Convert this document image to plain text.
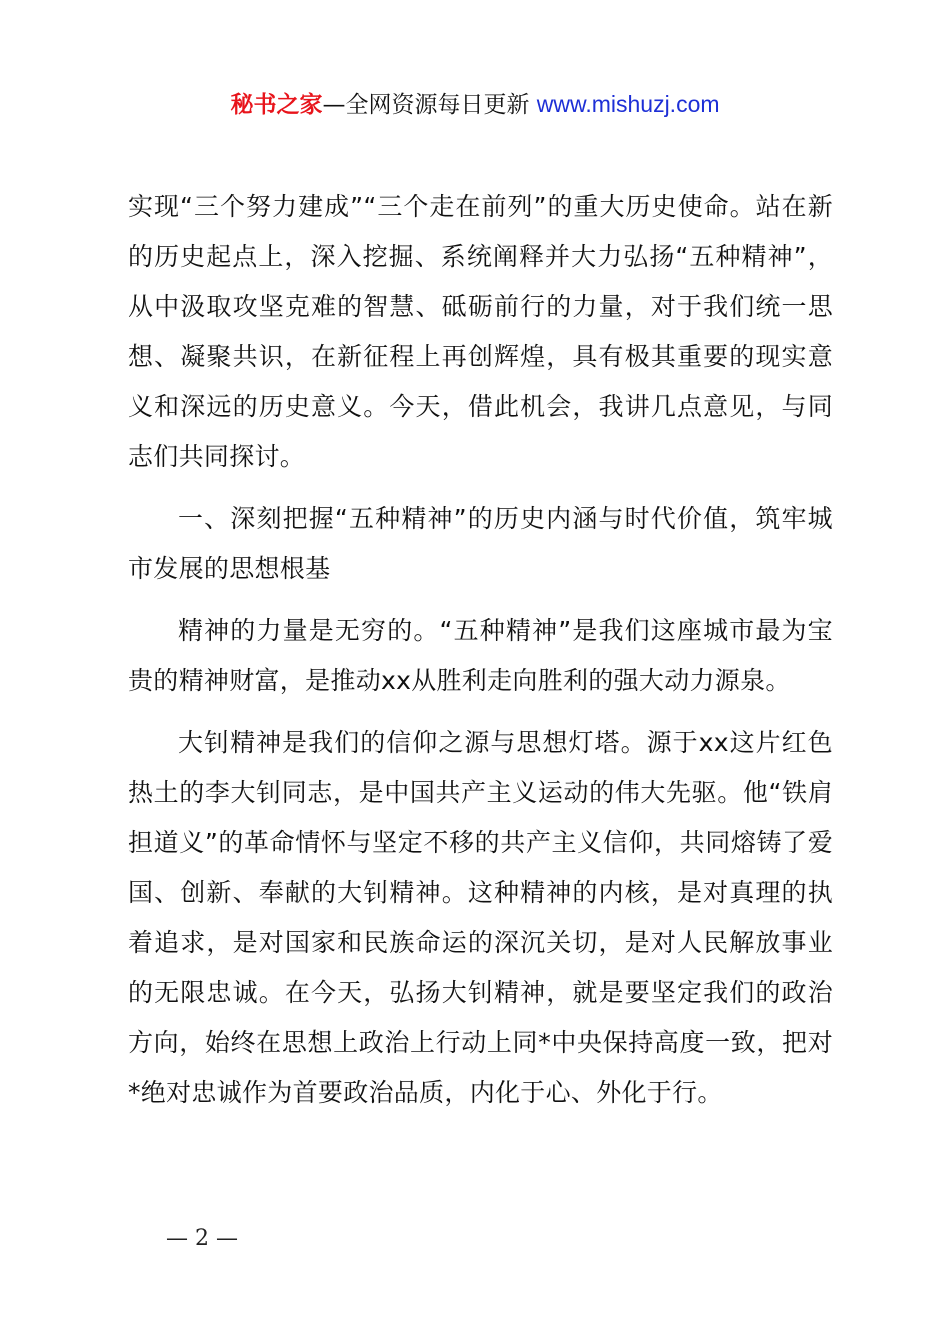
秘书之家—全网资源每日更新 www.mishuzj.com

实现“三个努力建成”“三个走在前列”的重大历史使命。站在新的历史起点上，深入挖掘、系统阐释并大力弘扬“五种精神”，从中汲取攻坚克难的智慧、砥砺前行的力量，对于我们统一思想、凝聚共识，在新征程上再创辉煌，具有极其重要的现实意义和深远的历史意义。今天，借此机会，我讲几点意见，与同志们共同探讨。

一、深刻把握“五种精神”的历史内涵与时代价值，筑牢城市发展的思想根基

精神的力量是无穷的。“五种精神”是我们这座城市最为宝贵的精神财富，是推动xx从胜利走向胜利的强大动力源泉。

大钊精神是我们的信仰之源与思想灯塔。源于xx这片红色热土的李大钊同志，是中国共产主义运动的伟大先驱。他“铁肩担道义”的革命情怀与坚定不移的共产主义信仰，共同熔铸了爱国、创新、奉献的大钊精神。这种精神的内核，是对真理的执着追求，是对国家和民族命运的深沉关切，是对人民解放事业的无限忠诚。在今天，弘扬大钊精神，就是要坚定我们的政治方向，始终在思想上政治上行动上同*中央保持高度一致，把对*绝对忠诚作为首要政治品质，内化于心、外化于行。

— 2 —
